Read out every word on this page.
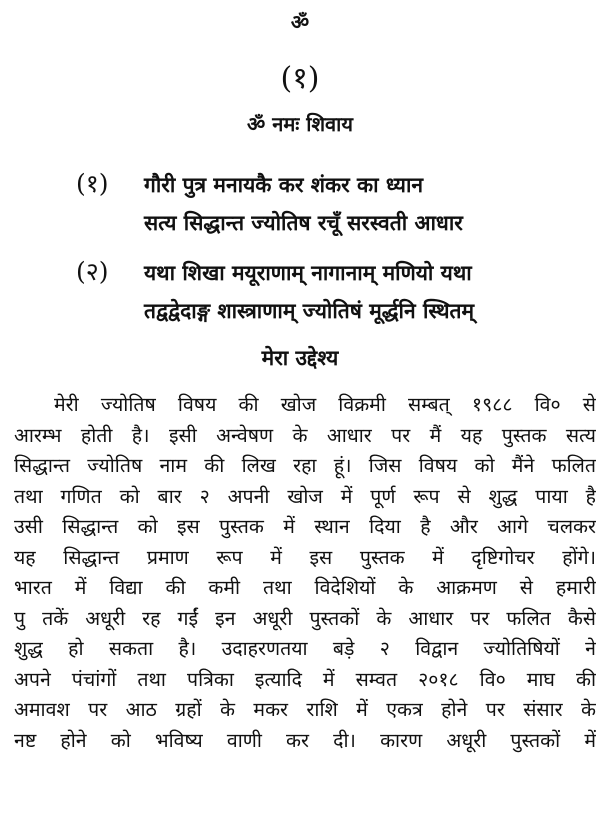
ॐ
(१)
ॐ नमः शिवाय
(१) गौरी पुत्र मनायकै कर शंकर का ध्यान
सत्य सिद्धान्त ज्योतिष रचूँ सरस्वती आधार
(२) यथा शिखा मयूराणाम् नागानाम् मणियो यथा
तद्वद्वेदाङ्ग शास्त्राणाम् ज्योतिषं मूर्द्धनि स्थितम्
मेरा उद्देश्य
मेरी ज्योतिष विषय की खोज विक्रमी सम्बत् १९८८ वि० से
आरम्भ होती है। इसी अन्वेषण के आधार पर मैं यह पुस्तक सत्य
सिद्धान्त ज्योतिष नाम की लिख रहा हूं। जिस विषय को मैंने फलित
तथा गणित को बार २ अपनी खोज में पूर्ण रूप से शुद्ध पाया है
उसी सिद्धान्त को इस पुस्तक में स्थान दिया है और आगे चलकर
यह सिद्धान्त प्रमाण रूप में इस पुस्तक में दृष्टिगोचर होंगे।
भारत में विद्या की कमी तथा विदेशियों के आक्रमण से हमारी
पु तकें अधूरी रह गईं इन अधूरी पुस्तकों के आधार पर फलित कैसे
शुद्ध हो सकता है। उदाहरणतया बड़े २ विद्वान ज्योतिषियों ने
अपने पंचांगों तथा पत्रिका इत्यादि में सम्वत २०१८ वि० माघ की
अमावश पर आठ ग्रहों के मकर राशि में एकत्र होने पर संसार के
नष्ट होने को भविष्य वाणी कर दी। कारण अधूरी पुस्तकों में
